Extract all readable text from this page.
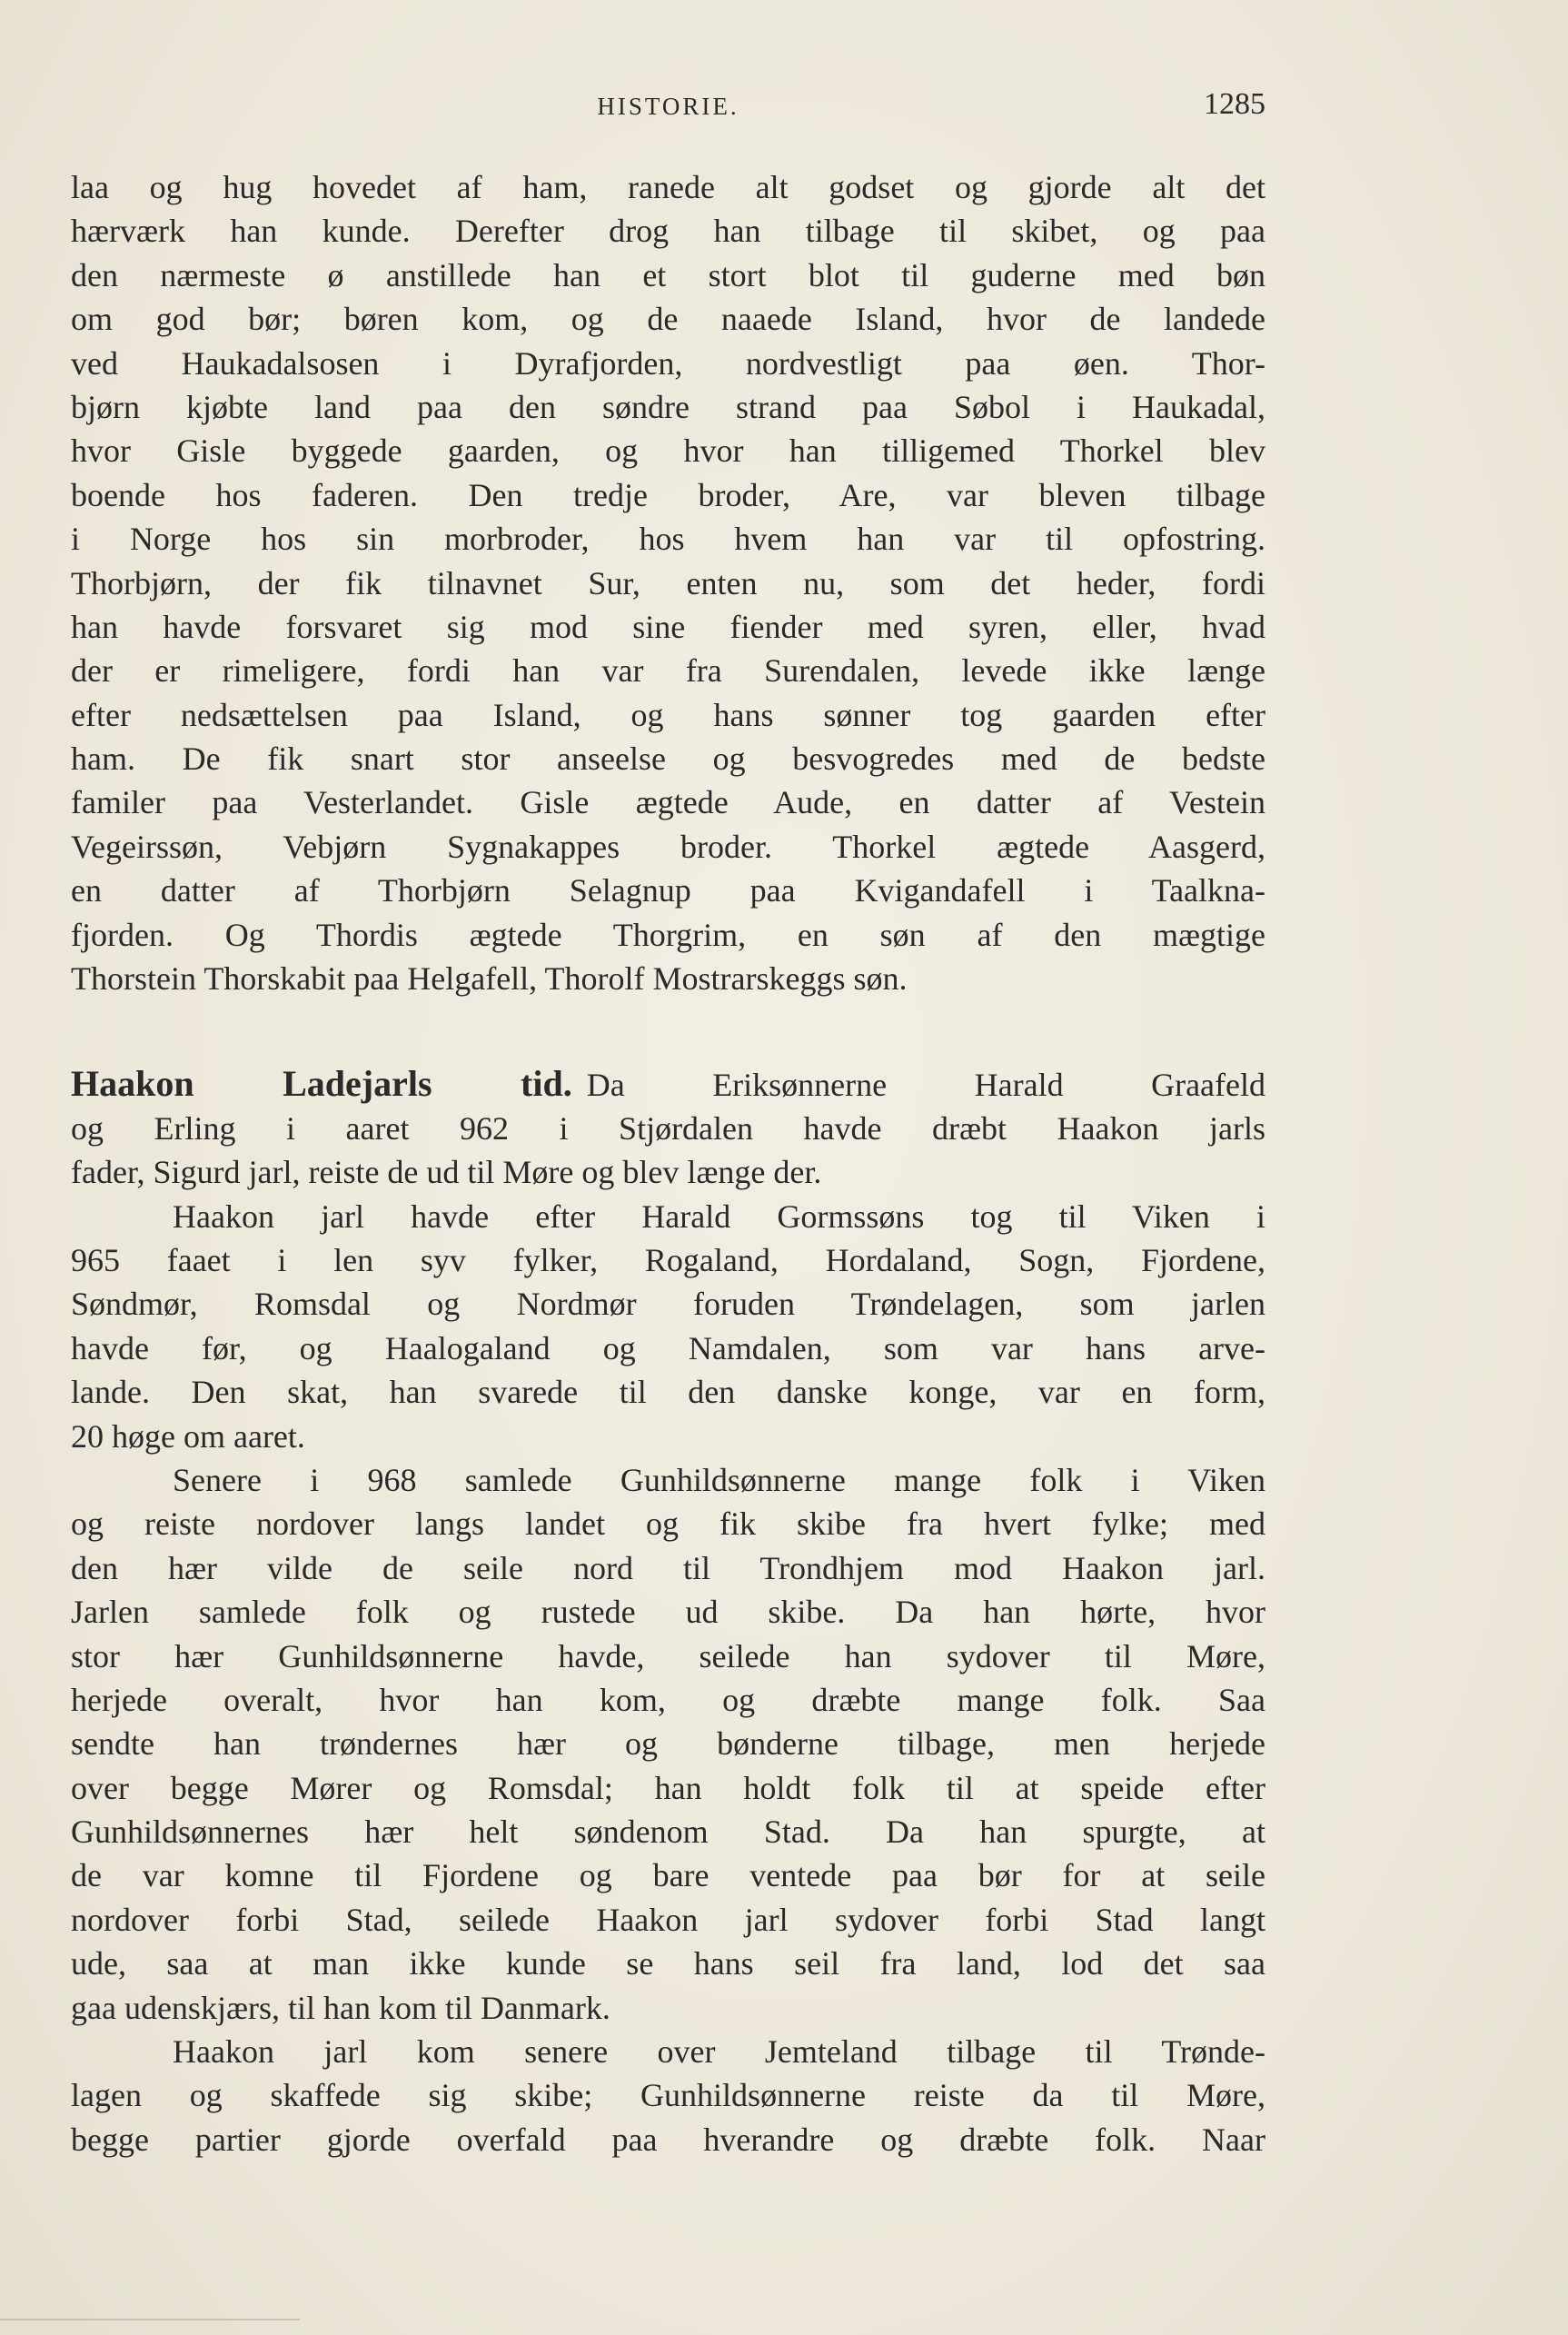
HISTORIE.	1285
laa og hug hovedet af ham, ranede alt godset og gjorde alt det
hærværk han kunde. Derefter drog han tilbage til skibet, og paa
den nærmeste ø anstillede han et stort blot til guderne med bøn
om god bør; børen kom, og de naaede Island, hvor de landede
ved Haukadalsosen i Dyrafjorden, nordvestligt paa øen. Thor-
bjørn kjøbte land paa den søndre strand paa Søbol i Haukadal,
hvor Gisle byggede gaarden, og hvor han tilligemed Thorkel blev
boende hos faderen. Den tredje broder, Are, var bleven tilbage
i Norge hos sin morbroder, hos hvem han var til opfostring.
Thorbjørn, der fik tilnavnet Sur, enten nu, som det heder, fordi
han havde forsvaret sig mod sine fiender med syren, eller, hvad
der er rimeligere, fordi han var fra Surendalen, levede ikke længe
efter nedsættelsen paa Island, og hans sønner tog gaarden efter
ham. De fik snart stor anseelse og besvogredes med de bedste
familer paa Vesterlandet. Gisle ægtede Aude, en datter af Vestein
Vegeirssøn, Vebjørn Sygnakappes broder. Thorkel ægtede Aasgerd,
en datter af Thorbjørn Selagnup paa Kvigandafell i Taalkna-
fjorden. Og Thordis ægtede Thorgrim, en søn af den mægtige
Thorstein Thorskabit paa Helgafell, Thorolf Mostrarskeggs søn.
Haakon Ladejarls tid. Da Eriksønnerne Harald Graafeld
og Erling i aaret 962 i Stjørdalen havde dræbt Haakon jarls
fader, Sigurd jarl, reiste de ud til Møre og blev længe der.
Haakon jarl havde efter Harald Gormssøns tog til Viken i
965 faaet i len syv fylker, Rogaland, Hordaland, Sogn, Fjordene,
Søndmør, Romsdal og Nordmør foruden Trøndelagen, som jarlen
havde før, og Haalogaland og Namdalen, som var hans arve-
lande. Den skat, han svarede til den danske konge, var en form,
20 høge om aaret.
Senere i 968 samlede Gunhildsønnerne mange folk i Viken
og reiste nordover langs landet og fik skibe fra hvert fylke; med
den hær vilde de seile nord til Trondhjem mod Haakon jarl.
Jarlen samlede folk og rustede ud skibe. Da han hørte, hvor
stor hær Gunhildsønnerne havde, seilede han sydover til Møre,
herjede overalt, hvor han kom, og dræbte mange folk. Saa
sendte han trøndernes hær og bønderne tilbage, men herjede
over begge Mører og Romsdal; han holdt folk til at speide efter
Gunhildsønnernes hær helt søndenom Stad. Da han spurgte, at
de var komne til Fjordene og bare ventede paa bør for at seile
nordover forbi Stad, seilede Haakon jarl sydover forbi Stad langt
ude, saa at man ikke kunde se hans seil fra land, lod det saa
gaa udenskjærs, til han kom til Danmark.
Haakon jarl kom senere over Jemteland tilbage til Trønde-
lagen og skaffede sig skibe; Gunhildsønnerne reiste da til Møre,
begge partier gjorde overfald paa hverandre og dræbte folk. Naar
